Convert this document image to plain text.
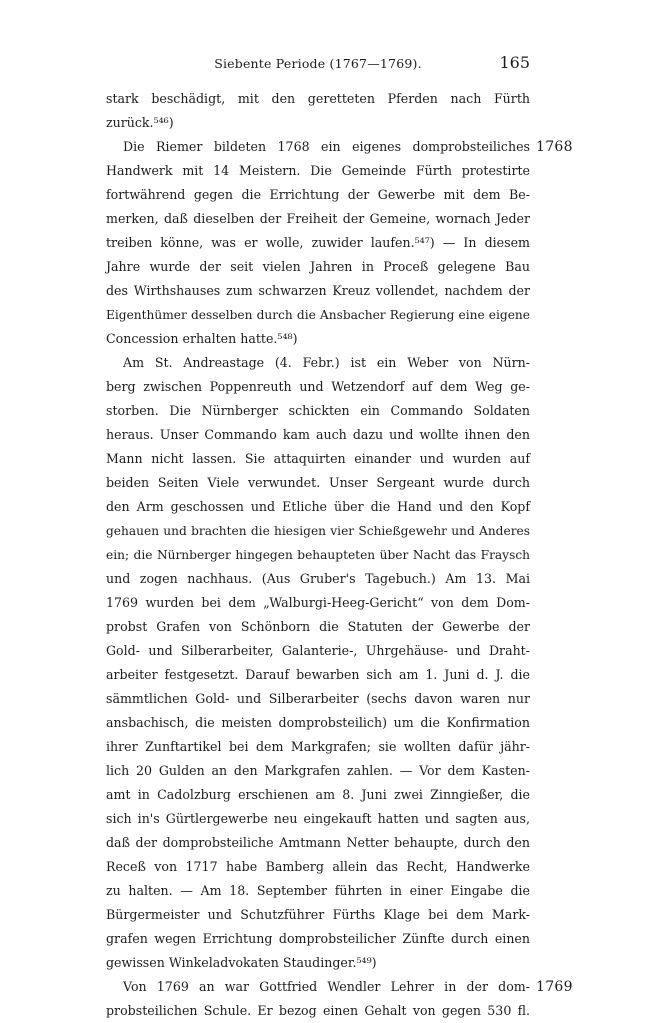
Siebente Periode (1767—1769).	165
stark beschädigt, mit den geretteten Pferden nach Fürth
zurück.⁵⁴⁶)
Die Riemer bildeten 1768 ein eigenes domprobsteiliches 1768
Handwerk mit 14 Meistern. Die Gemeinde Fürth protestirte
fortwährend gegen die Errichtung der Gewerbe mit dem Be-
merken, daß dieselben der Freiheit der Gemeine, wornach Jeder
treiben könne, was er wolle, zuwider laufen.⁵⁴⁷) — In diesem
Jahre wurde der seit vielen Jahren in Proceß gelegene Bau
des Wirthshauses zum schwarzen Kreuz vollendet, nachdem der
Eigenthümer desselben durch die Ansbacher Regierung eine eigene
Concession erhalten hatte.⁵⁴⁸)
Am St. Andreastage (4. Febr.) ist ein Weber von Nürn-
berg zwischen Poppenreuth und Wetzendorf auf dem Weg ge-
storben. Die Nürnberger schickten ein Commando Soldaten
heraus. Unser Commando kam auch dazu und wollte ihnen den
Mann nicht lassen. Sie attaquirten einander und wurden auf
beiden Seiten Viele verwundet. Unser Sergeant wurde durch
den Arm geschossen und Etliche über die Hand und den Kopf
gehauen und brachten die hiesigen vier Schießgewehr und Anderes
ein; die Nürnberger hingegen behaupteten über Nacht das Fraysch
und zogen nachhaus. (Aus Gruber's Tagebuch.) Am 13. Mai
1769 wurden bei dem „Walburgi-Heeg-Gericht“ von dem Dom-
probst Grafen von Schönborn die Statuten der Gewerbe der
Gold- und Silberarbeiter, Galanterie-, Uhrgehäuse- und Draht-
arbeiter festgesetzt. Darauf bewarben sich am 1. Juni d. J. die
sämmtlichen Gold- und Silberarbeiter (sechs davon waren nur
ansbachisch, die meisten domprobsteilich) um die Konfirmation
ihrer Zunftartikel bei dem Markgrafen; sie wollten dafür jähr-
lich 20 Gulden an den Markgrafen zahlen. — Vor dem Kasten-
amt in Cadolzburg erschienen am 8. Juni zwei Zinngießer, die
sich in's Gürtlergewerbe neu eingekauft hatten und sagten aus,
daß der domprobsteiliche Amtmann Netter behaupte, durch den
Receß von 1717 habe Bamberg allein das Recht, Handwerke
zu halten. — Am 18. September führten in einer Eingabe die
Bürgermeister und Schutzführer Fürths Klage bei dem Mark-
grafen wegen Errichtung domprobsteilicher Zünfte durch einen
gewissen Winkeladvokaten Staudinger.⁵⁴⁹)
Von 1769 an war Gottfried Wendler Lehrer in der dom- 1769
probsteilichen Schule. Er bezog einen Gehalt von gegen 530 fl.
